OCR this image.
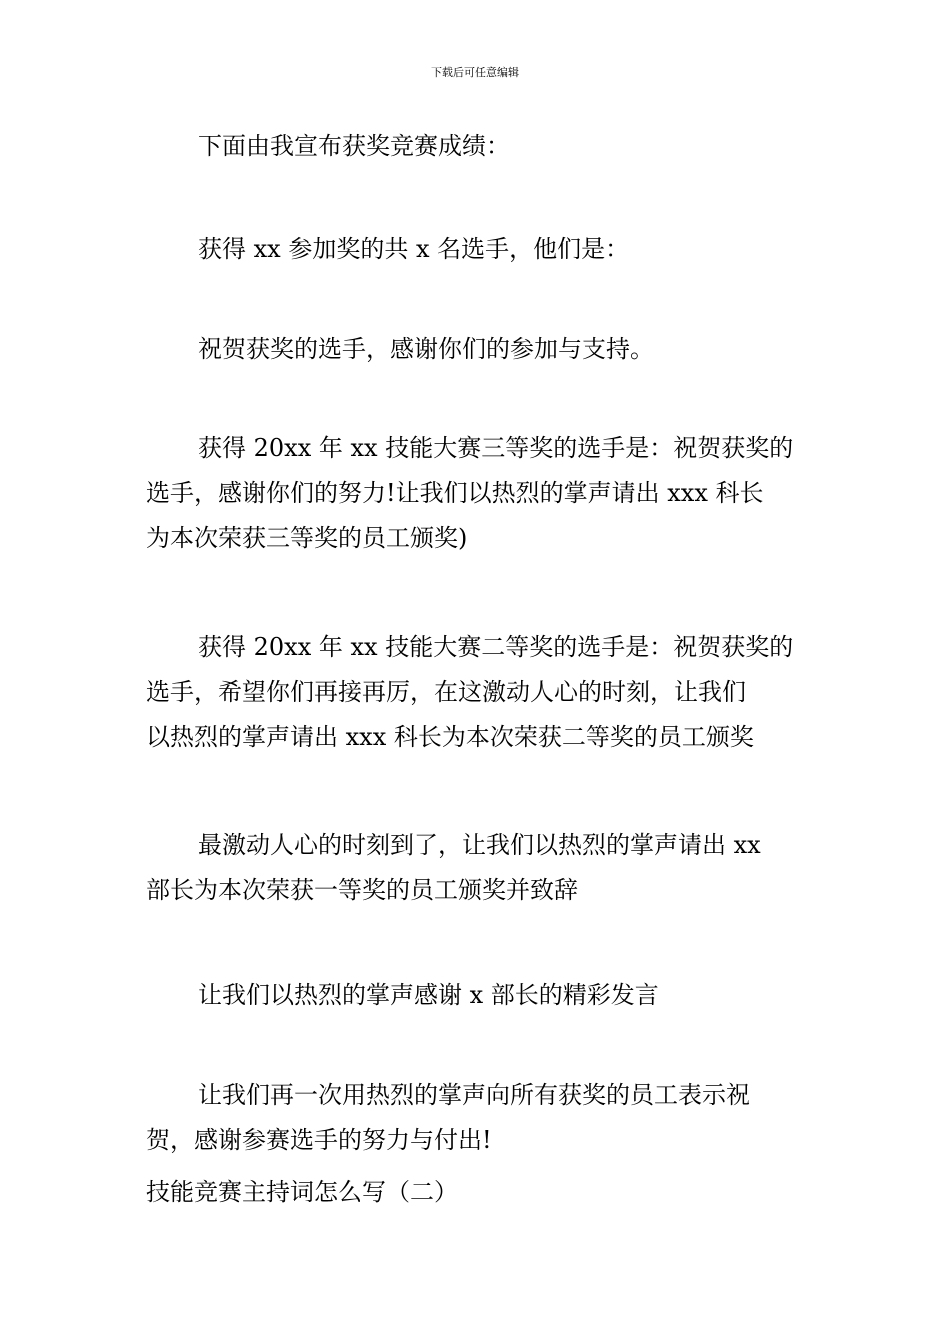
下载后可任意编辑
下面由我宣布获奖竞赛成绩：
获得 xx 参加奖的共 x 名选手，他们是：
祝贺获奖的选手，感谢你们的参加与支持。
获得 20xx 年 xx 技能大赛三等奖的选手是：祝贺获奖的
选手，感谢你们的努力!让我们以热烈的掌声请出 xxx 科长
为本次荣获三等奖的员工颁奖)
获得 20xx 年 xx 技能大赛二等奖的选手是：祝贺获奖的
选手，希望你们再接再厉，在这激动人心的时刻，让我们
以热烈的掌声请出 xxx 科长为本次荣获二等奖的员工颁奖
最激动人心的时刻到了，让我们以热烈的掌声请出 xx
部长为本次荣获一等奖的员工颁奖并致辞
让我们以热烈的掌声感谢 x 部长的精彩发言
让我们再一次用热烈的掌声向所有获奖的员工表示祝
贺，感谢参赛选手的努力与付出!
技能竞赛主持词怎么写（二）
